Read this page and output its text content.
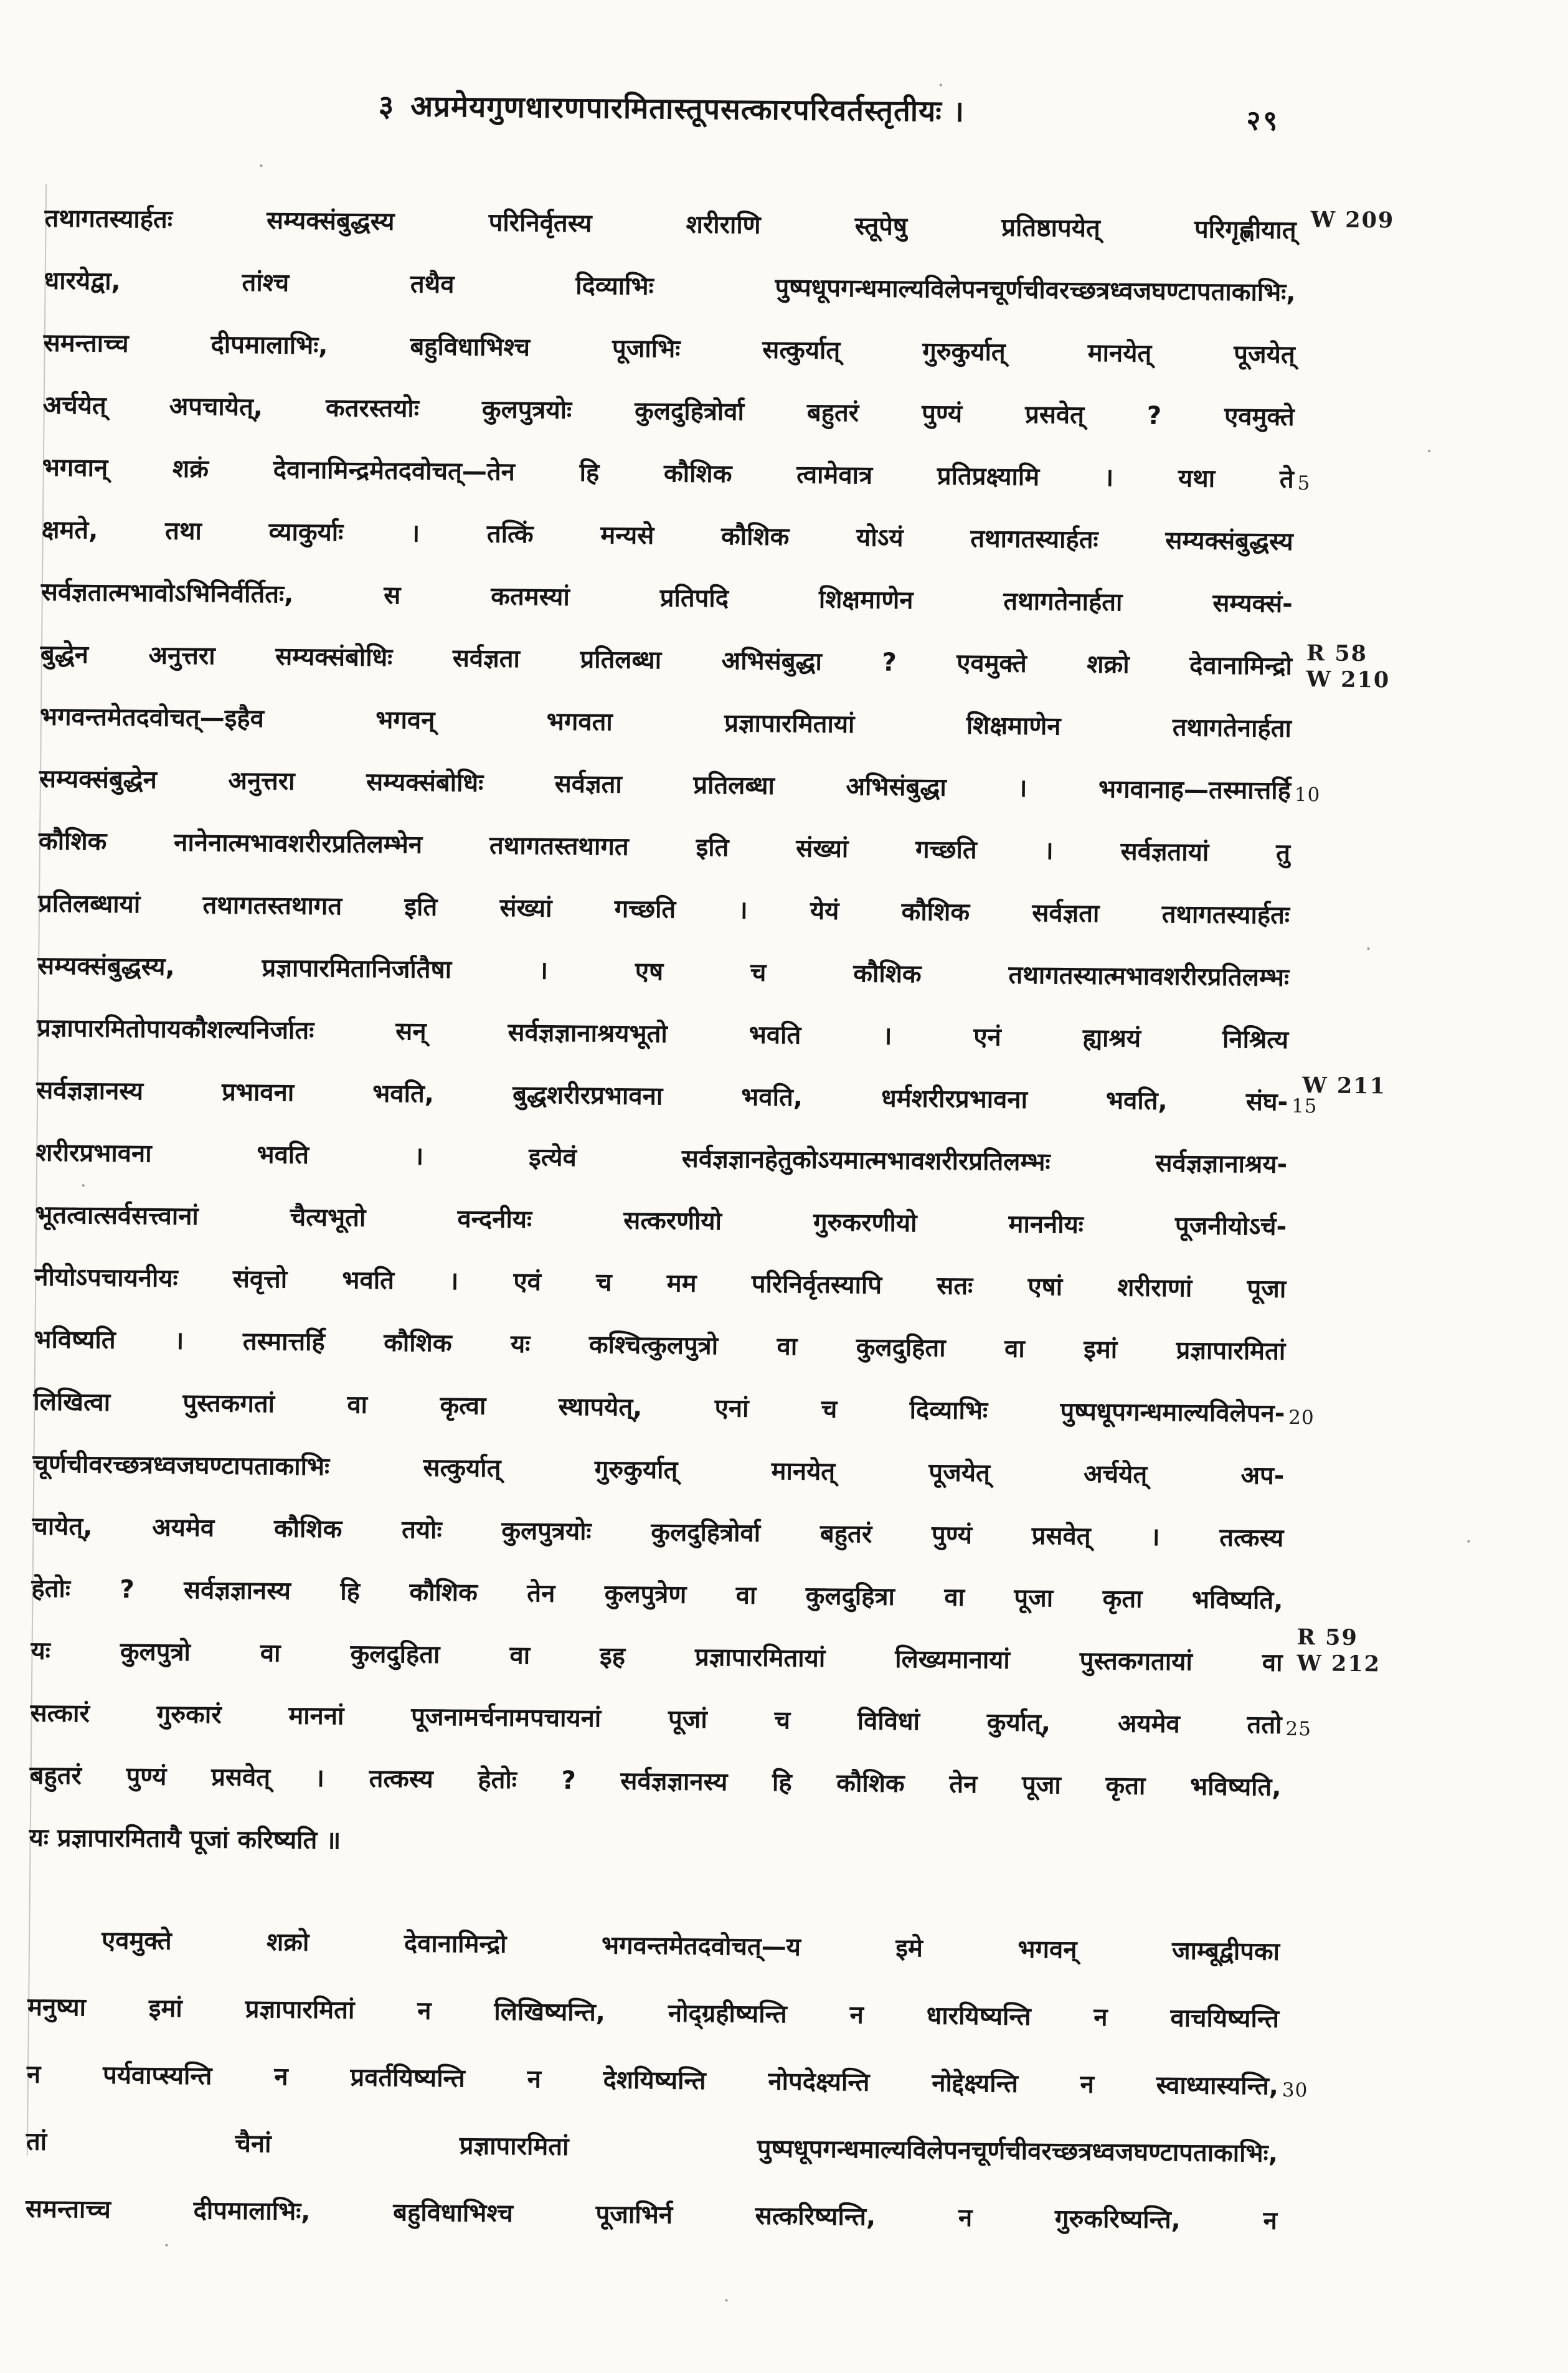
३ अप्रमेयगुणधारणपारमितास्तूपसत्कारपरिवर्तस्तृतीयः ।	२९
तथागतस्यार्हतः सम्यक्संबुद्धस्य परिनिर्वृतस्य शरीराणि स्तूपेषु प्रतिष्ठापयेत् परिगृह्णीयात्
धारयेद्वा, तांश्च तथैव दिव्याभिः पुष्पधूपगन्धमाल्यविलेपनचूर्णचीवरच्छत्रध्वजघण्टापताकाभिः,
समन्ताच्च दीपमालाभिः, बहुविधाभिश्च पूजाभिः सत्कुर्यात् गुरुकुर्यात् मानयेत् पूजयेत्
अर्चयेत् अपचायेत्, कतरस्तयोः कुलपुत्रयोः कुलदुहित्रोर्वा बहुतरं पुण्यं प्रसवेत् ? एवमुक्ते
भगवान् शक्रं देवानामिन्द्रमेतदवोचत्—तेन हि कौशिक त्वामेवात्र प्रतिप्रक्ष्यामि । यथा ते 5
क्षमते, तथा व्याकुर्याः । तत्किं मन्यसे कौशिक योऽयं तथागतस्यार्हतः सम्यक्संबुद्धस्य
सर्वज्ञतात्मभावोऽभिनिर्वर्तितः, स कतमस्यां प्रतिपदि शिक्षमाणेन तथागतेनार्हता सम्यक्सं-
बुद्धेन अनुत्तरा सम्यक्संबोधिः सर्वज्ञता प्रतिलब्धा अभिसंबुद्धा ? एवमुक्ते शक्रो देवानामिन्द्रो
भगवन्तमेतदवोचत्—इहैव भगवन् भगवता प्रज्ञापारमितायां शिक्षमाणेन तथागतेनार्हता
सम्यक्संबुद्धेन अनुत्तरा सम्यक्संबोधिः सर्वज्ञता प्रतिलब्धा अभिसंबुद्धा । भगवानाह—तस्मात्तर्हि 10
कौशिक नानेनात्मभावशरीरप्रतिलम्भेन तथागतस्तथागत इति संख्यां गच्छति । सर्वज्ञतायां तु
प्रतिलब्धायां तथागतस्तथागत इति संख्यां गच्छति । येयं कौशिक सर्वज्ञता तथागतस्यार्हतः
सम्यक्संबुद्धस्य, प्रज्ञापारमितानिर्जातैषा । एष च कौशिक तथागतस्यात्मभावशरीरप्रतिलम्भः
प्रज्ञापारमितोपायकौशल्यनिर्जातः सन् सर्वज्ञज्ञानाश्रयभूतो भवति । एनं ह्याश्रयं निश्रित्य
सर्वज्ञज्ञानस्य प्रभावना भवति, बुद्धशरीरप्रभावना भवति, धर्मशरीरप्रभावना भवति, संघ- 15
शरीरप्रभावना भवति । इत्येवं सर्वज्ञज्ञानहेतुकोऽयमात्मभावशरीरप्रतिलम्भः सर्वज्ञज्ञानाश्रय-
भूतत्वात्सर्वसत्त्वानां चैत्यभूतो वन्दनीयः सत्करणीयो गुरुकरणीयो माननीयः पूजनीयोऽर्च-
नीयोऽपचायनीयः संवृत्तो भवति । एवं च मम परिनिर्वृतस्यापि सतः एषां शरीराणां पूजा
भविष्यति । तस्मात्तर्हि कौशिक यः कश्चित्कुलपुत्रो वा कुलदुहिता वा इमां प्रज्ञापारमितां
लिखित्वा पुस्तकगतां वा कृत्वा स्थापयेत्, एनां च दिव्याभिः पुष्पधूपगन्धमाल्यविलेपन- 20
चूर्णचीवरच्छत्रध्वजघण्टापताकाभिः सत्कुर्यात् गुरुकुर्यात् मानयेत् पूजयेत् अर्चयेत् अप-
चायेत्, अयमेव कौशिक तयोः कुलपुत्रयोः कुलदुहित्रोर्वा बहुतरं पुण्यं प्रसवेत् । तत्कस्य
हेतोः ? सर्वज्ञज्ञानस्य हि कौशिक तेन कुलपुत्रेण वा कुलदुहित्रा वा पूजा कृता भविष्यति,
यः कुलपुत्रो वा कुलदुहिता वा इह प्रज्ञापारमितायां लिख्यमानायां पुस्तकगतायां वा
सत्कारं गुरुकारं माननां पूजनामर्चनामपचायनां पूजां च विविधां कुर्यात्, अयमेव ततो 25
बहुतरं पुण्यं प्रसवेत् । तत्कस्य हेतोः ? सर्वज्ञज्ञानस्य हि कौशिक तेन पूजा कृता भविष्यति,
यः प्रज्ञापारमितायै पूजां करिष्यति ॥
एवमुक्ते शक्रो देवानामिन्द्रो भगवन्तमेतदवोचत्—य इमे भगवन् जाम्बूद्वीपका
मनुष्या इमां प्रज्ञापारमितां न लिखिष्यन्ति, नोद्ग्रहीष्यन्ति न धारयिष्यन्ति न वाचयिष्यन्ति
न पर्यवाप्स्यन्ति न प्रवर्तयिष्यन्ति न देशयिष्यन्ति नोपदेक्ष्यन्ति नोद्देक्ष्यन्ति न स्वाध्यास्यन्ति, 30
तां चैनां प्रज्ञापारमितां पुष्पधूपगन्धमाल्यविलेपनचूर्णचीवरच्छत्रध्वजघण्टापताकाभिः,
समन्ताच्च दीपमालाभिः, बहुविधाभिश्च पूजाभिर्न सत्करिष्यन्ति, न गुरुकरिष्यन्ति, न
W 209
R 58
W 210
W 211
R 59
W 212
